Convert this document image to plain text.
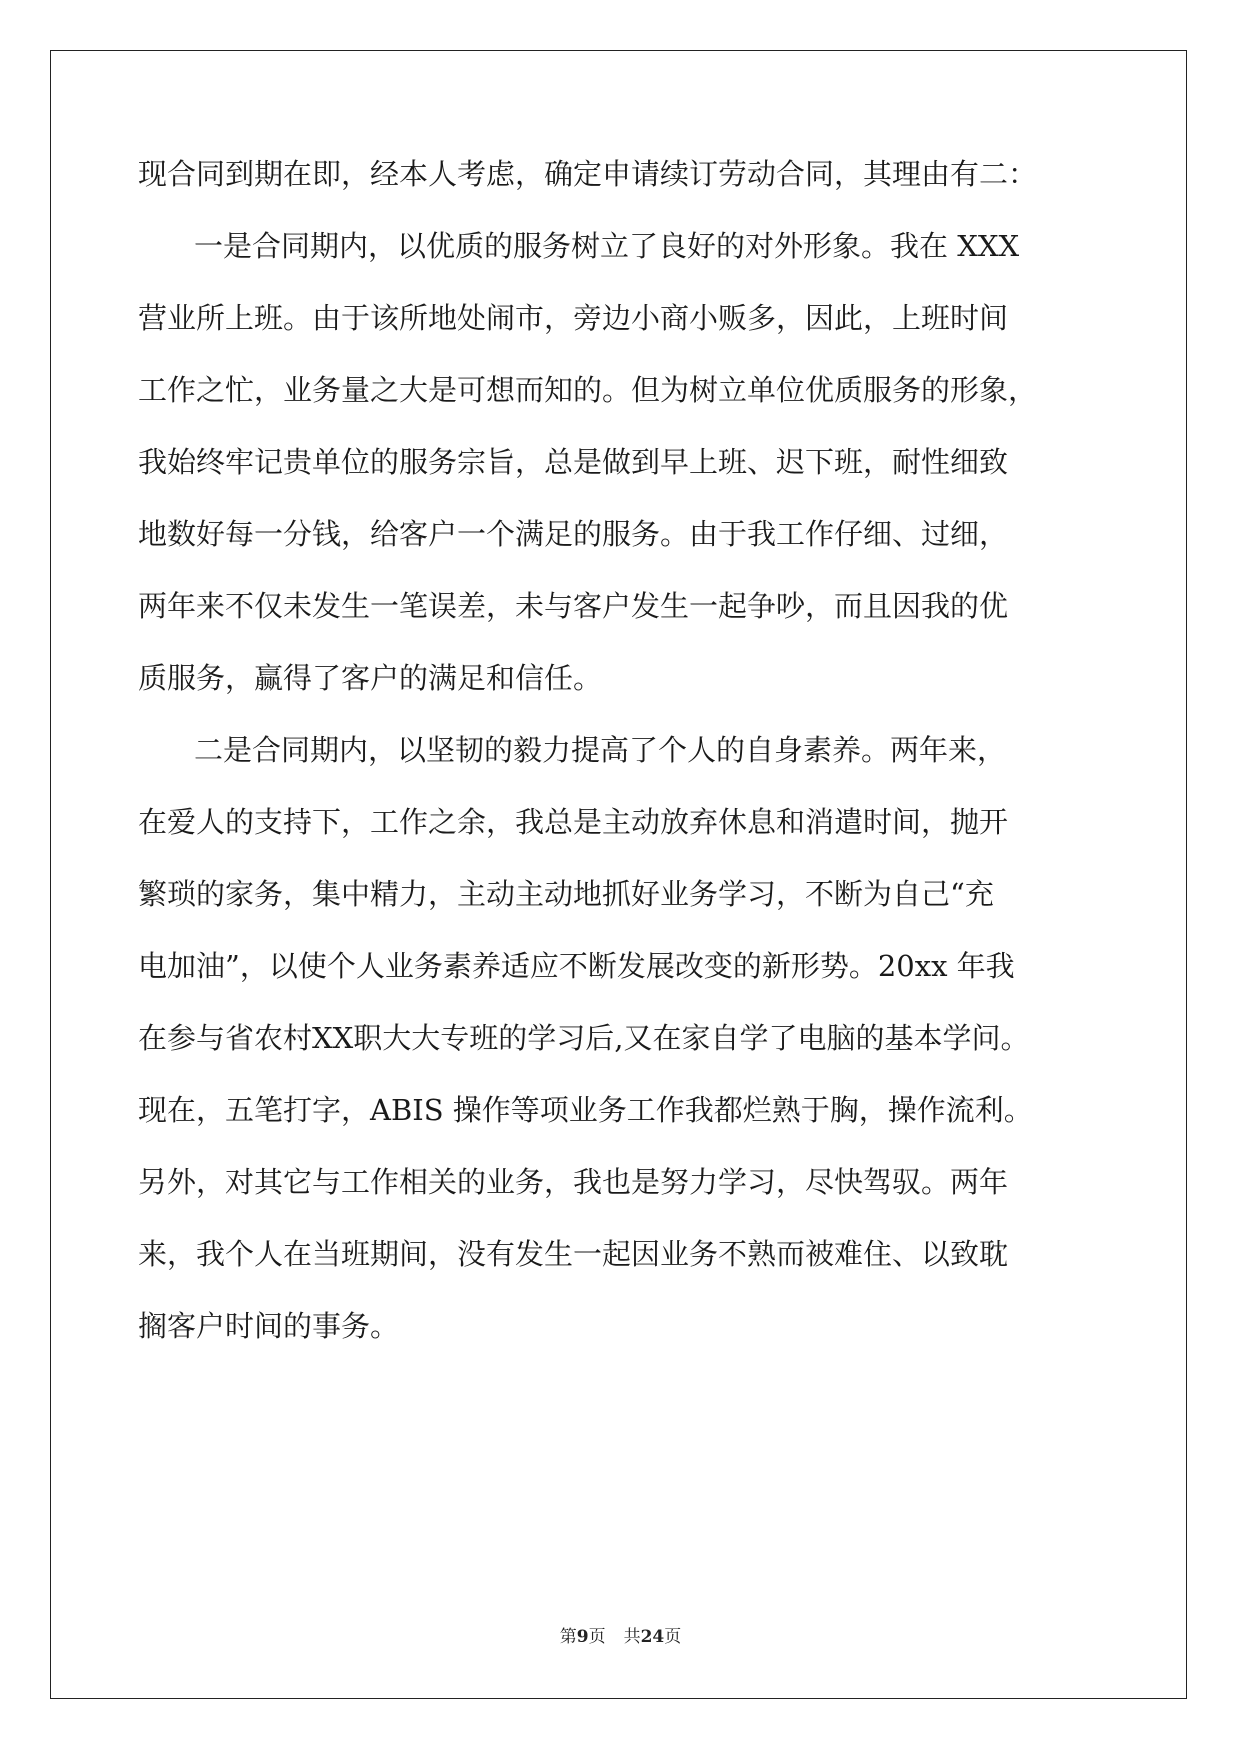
现合同到期在即，经本人考虑，确定申请续订劳动合同，其理由有二：
一是合同期内，以优质的服务树立了良好的对外形象。我在 XXX
营业所上班。由于该所地处闹市，旁边小商小贩多，因此，上班时间
工作之忙，业务量之大是可想而知的。但为树立单位优质服务的形象，
我始终牢记贵单位的服务宗旨，总是做到早上班、迟下班，耐性细致
地数好每一分钱，给客户一个满足的服务。由于我工作仔细、过细，
两年来不仅未发生一笔误差，未与客户发生一起争吵，而且因我的优
质服务，赢得了客户的满足和信任。
二是合同期内，以坚韧的毅力提高了个人的自身素养。两年来，
在爱人的支持下，工作之余，我总是主动放弃休息和消遣时间，抛开
繁琐的家务，集中精力，主动主动地抓好业务学习，不断为自己“充
电加油”，以使个人业务素养适应不断发展改变的新形势。20xx 年我
在参与省农村XX职大大专班的学习后,又在家自学了电脑的基本学问。
现在，五笔打字，ABIS 操作等项业务工作我都烂熟于胸，操作流利。
另外，对其它与工作相关的业务，我也是努力学习，尽快驾驭。两年
来，我个人在当班期间，没有发生一起因业务不熟而被难住、以致耽
搁客户时间的事务。
第9页 共24页
